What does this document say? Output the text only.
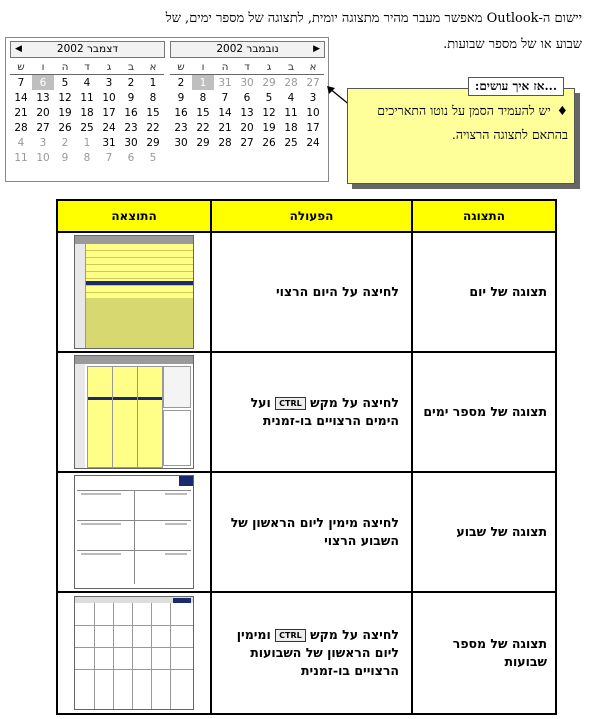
יישום ה-Outlook מאפשר מעבר מהיר מתצוגה יומית, לתצוגה של מספר ימים, של
שבוע או של מספר שבועות.
נובמבר 2002	▶
ש	ו	ה	ד	ג	ב	א
2	1	31	30	29	28	27
9	8	7	6	5	4	3
16	15	14	13	12	11	10
23	22	21	20	19	18	17
30	29	28	27	26	25	24
דצמבר 2002
◀
ש	ו	ה	ד	ג	ב	א
7	6	5	4	3	2	1
14	13	12	11	10	9	8
21	20	19	18	17	16	15
28	27	26	25	24	23	22
4	3	2	1	31	30	29
11	10	9	8	7	6	5
...אז איך עושים:
♦יש להעמיד הסמן על נוטו התאריכים בהתאם לתצוגה הרצויה.
התצוגה	הפעולה	התוצאה
תצוגה של יום	לחיצה על היום הרצוי	

תצוגה של מספר ימים	לחיצה על מקש CTRL ועל הימים הרצויים בו-זמנית	

תצוגה של שבוע	לחיצה מימין ליום הראשון של השבוע הרצוי	

תצוגה של מספר שבועות	לחיצה על מקש CTRL ומימין ליום הראשון של השבועות הרצויים בו-זמנית	
